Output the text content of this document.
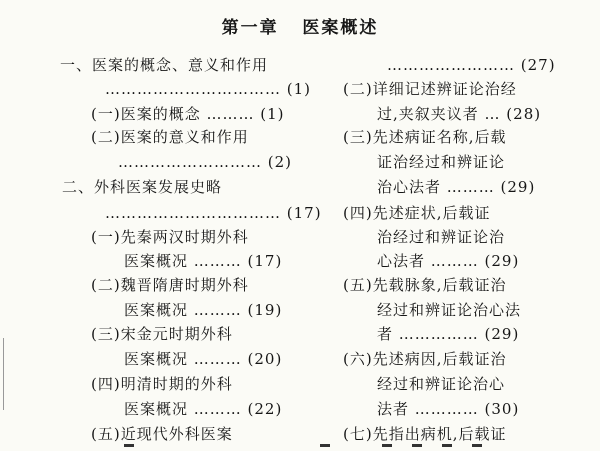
第一章   医案概述
一、医案的概念、意义和作用
…………………………… (1)
(一)医案的概念 ……… (1)
(二)医案的意义和作用
……………………… (2)
二、外科医案发展史略
…………………………… (17)
(一)先秦两汉时期外科
医案概况 ……… (17)
(二)魏晋隋唐时期外科
医案概况 ……… (19)
(三)宋金元时期外科
医案概况 ……… (20)
(四)明清时期的外科
医案概况 ……… (22)
(五)近现代外科医案
…………………… (27)
(二)详细记述辨证论治经
过,夹叙夹议者 … (28)
(三)先述病证名称,后载
证治经过和辨证论
治心法者 ……… (29)
(四)先述症状,后载证
治经过和辨证论治
心法者 ……… (29)
(五)先载脉象,后载证治
经过和辨证论治心法
者 …………… (29)
(六)先述病因,后载证治
经过和辨证论治心
法者 ………… (30)
(七)先指出病机,后载证
